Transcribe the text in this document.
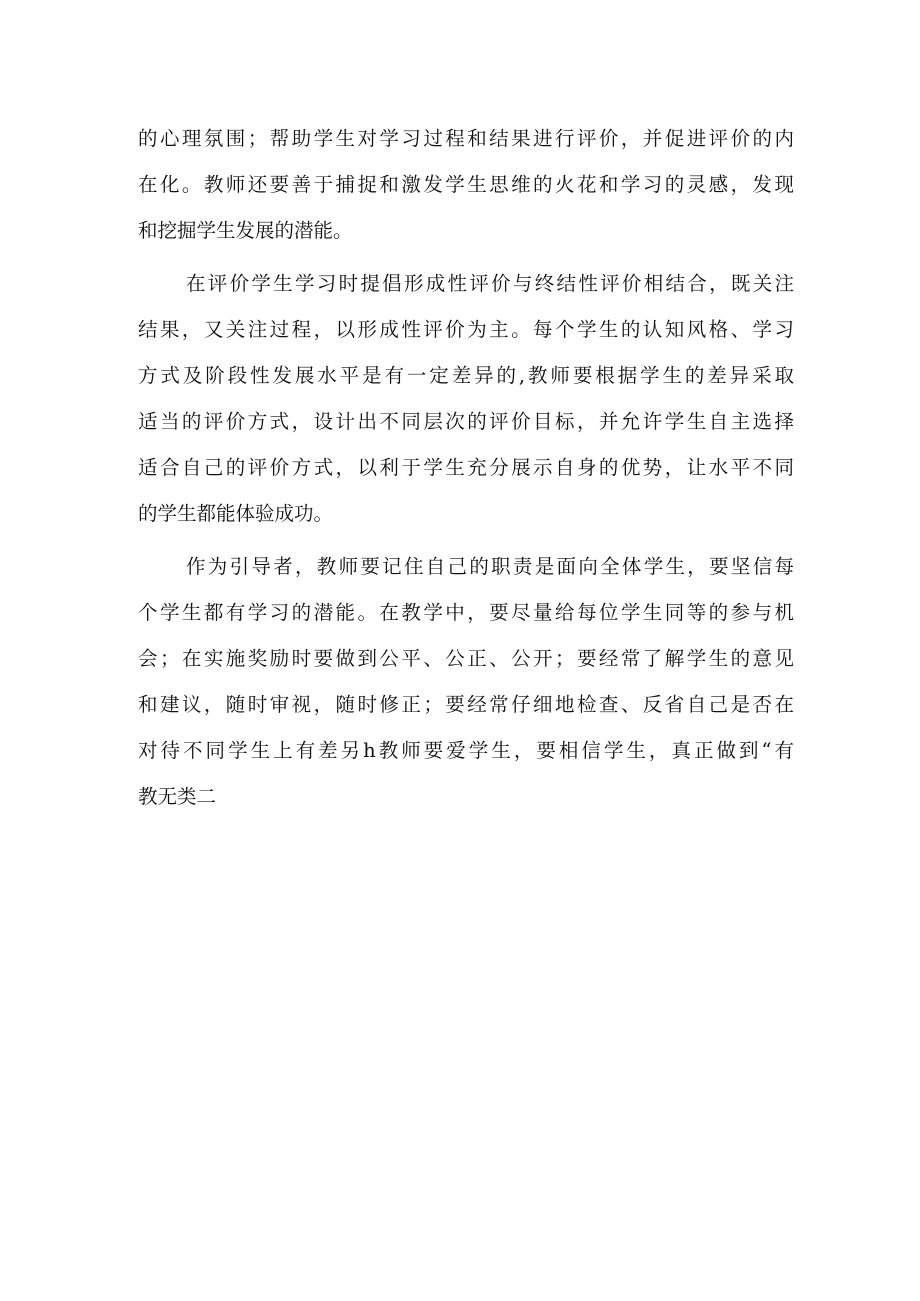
的心理氛围；帮助学生对学习过程和结果进行评价，并促进评价的内
在化。教师还要善于捕捉和激发学生思维的火花和学习的灵感，发现
和挖掘学生发展的潜能。
在评价学生学习时提倡形成性评价与终结性评价相结合，既关注
结果，又关注过程，以形成性评价为主。每个学生的认知风格、学习
方式及阶段性发展水平是有一定差异的,教师要根据学生的差异采取
适当的评价方式，设计出不同层次的评价目标，并允许学生自主选择
适合自己的评价方式，以利于学生充分展示自身的优势，让水平不同
的学生都能体验成功。
作为引导者，教师要记住自己的职责是面向全体学生，要坚信每
个学生都有学习的潜能。在教学中，要尽量给每位学生同等的参与机
会；在实施奖励时要做到公平、公正、公开；要经常了解学生的意见
和建议，随时审视，随时修正；要经常仔细地检查、反省自己是否在
对待不同学生上有差另h教师要爱学生，要相信学生，真正做到“有
教无类二
